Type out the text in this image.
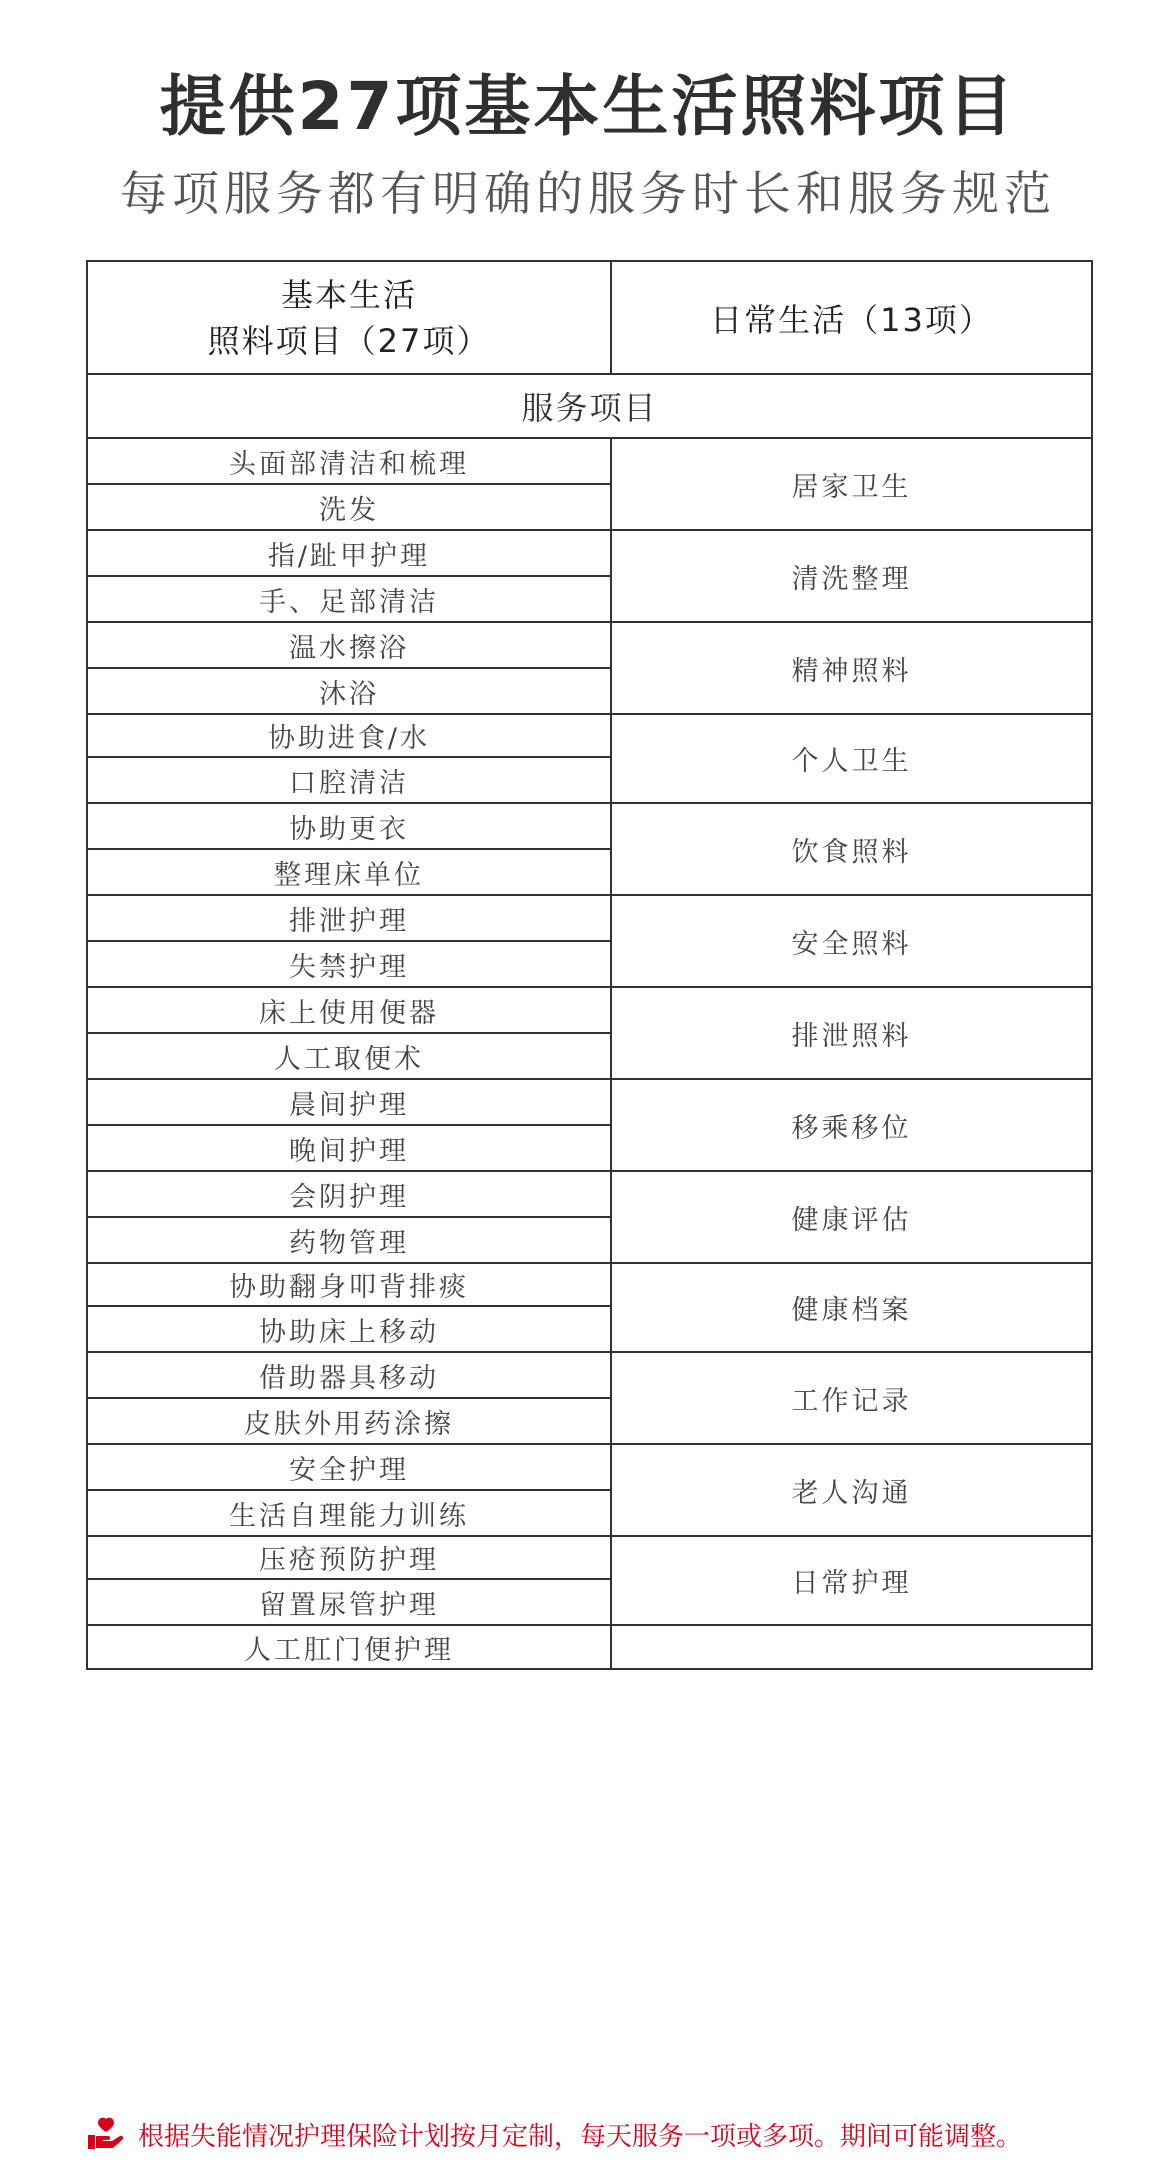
提供27项基本生活照料项目
每项服务都有明确的服务时长和服务规范
基本生活
照料项目（27项）	日常生活（13项）
服务项目	
头面部清洁和梳理	居家卫生
洗发	
指/趾甲护理	清洗整理
手、足部清洁	
温水擦浴	精神照料
沐浴	
协助进食/水	个人卫生
口腔清洁	
协助更衣	饮食照料
整理床单位	
排泄护理	安全照料
失禁护理	
床上使用便器	排泄照料
人工取便术	
晨间护理	移乘移位
晚间护理	
会阴护理	健康评估
药物管理	
协助翻身叩背排痰	健康档案
协助床上移动	
借助器具移动	工作记录
皮肤外用药涂擦	
安全护理	老人沟通
生活自理能力训练	
压疮预防护理	日常护理
留置尿管护理	
人工肛门便护理	
根据失能情况护理保险计划按月定制，每天服务一项或多项。期间可能调整。
